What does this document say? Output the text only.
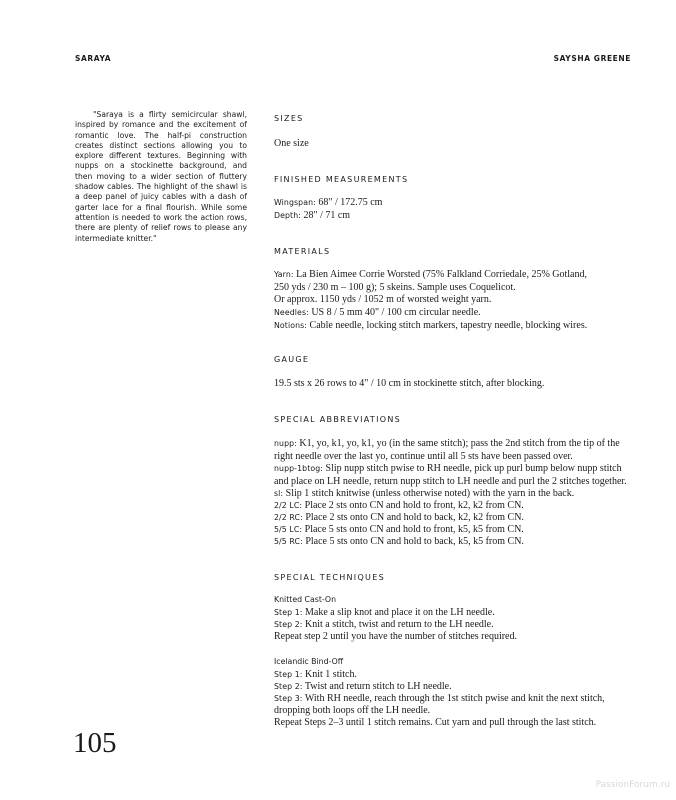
SARAYA	SAYSHA GREENE
"Saraya is a flirty semicircular shawl, inspired by romance and the excitement of romantic love. The half-pi construction creates distinct sections allowing you to explore different textures. Beginning with nupps on a stockinette background, and then moving to a wider section of fluttery shadow cables. The highlight of the shawl is a deep panel of juicy cables with a dash of garter lace for a final flourish. While some attention is needed to work the action rows, there are plenty of relief rows to please any intermediate knitter."
105
SIZES
One size
FINISHED MEASUREMENTS
Wingspan: 68" / 172.75 cm
Depth: 28" / 71 cm
MATERIALS
Yarn: La Bien Aimee Corrie Worsted (75% Falkland Corriedale, 25% Gotland,
250 yds / 230 m – 100 g); 5 skeins. Sample uses Coquelicot.
Or approx. 1150 yds / 1052 m of worsted weight yarn.
Needles: US 8 / 5 mm 40" / 100 cm circular needle.
Notions: Cable needle, locking stitch markers, tapestry needle, blocking wires.
GAUGE
19.5 sts x 26 rows to 4" / 10 cm in stockinette stitch, after blocking.
SPECIAL ABBREVIATIONS
nupp: K1, yo, k1, yo, k1, yo (in the same stitch); pass the 2nd stitch from the tip of the
right needle over the last yo, continue until all 5 sts have been passed over.
nupp-1btog: Slip nupp stitch pwise to RH needle, pick up purl bump below nupp stitch
and place on LH needle, return nupp stitch to LH needle and purl the 2 stitches together.
sl: Slip 1 stitch knitwise (unless otherwise noted) with the yarn in the back.
2/2 LC: Place 2 sts onto CN and hold to front, k2, k2 from CN.
2/2 RC: Place 2 sts onto CN and hold to back, k2, k2 from CN.
5/5 LC: Place 5 sts onto CN and hold to front, k5, k5 from CN.
5/5 RC: Place 5 sts onto CN and hold to back, k5, k5 from CN.
SPECIAL TECHNIQUES
Knitted Cast-On
Step 1: Make a slip knot and place it on the LH needle.
Step 2: Knit a stitch, twist and return to the LH needle.
Repeat step 2 until you have the number of stitches required.
Icelandic Bind-Off
Step 1: Knit 1 stitch.
Step 2: Twist and return stitch to LH needle.
Step 3: With RH needle, reach through the 1st stitch pwise and knit the next stitch,
dropping both loops off the LH needle.
Repeat Steps 2–3 until 1 stitch remains. Cut yarn and pull through the last stitch.
PassionForum.ru
